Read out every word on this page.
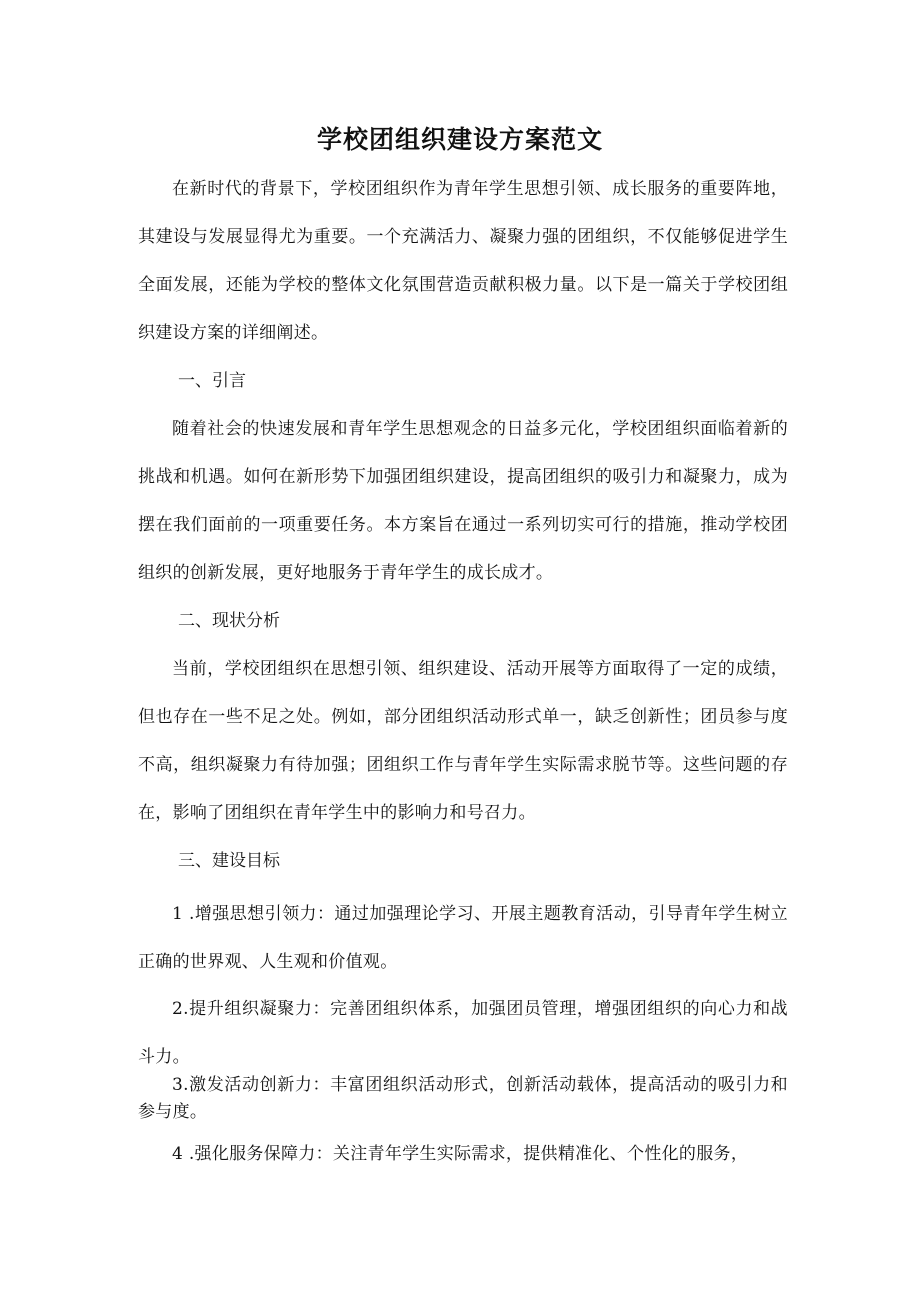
学校团组织建设方案范文

在新时代的背景下，学校团组织作为青年学生思想引领、成长服务的重要阵地，其建设与发展显得尤为重要。一个充满活力、凝聚力强的团组织，不仅能够促进学生全面发展，还能为学校的整体文化氛围营造贡献积极力量。以下是一篇关于学校团组织建设方案的详细阐述。

一、引言

随着社会的快速发展和青年学生思想观念的日益多元化，学校团组织面临着新的挑战和机遇。如何在新形势下加强团组织建设，提高团组织的吸引力和凝聚力，成为摆在我们面前的一项重要任务。本方案旨在通过一系列切实可行的措施，推动学校团组织的创新发展，更好地服务于青年学生的成长成才。

二、现状分析

当前，学校团组织在思想引领、组织建设、活动开展等方面取得了一定的成绩，但也存在一些不足之处。例如，部分团组织活动形式单一，缺乏创新性；团员参与度不高，组织凝聚力有待加强；团组织工作与青年学生实际需求脱节等。这些问题的存在，影响了团组织在青年学生中的影响力和号召力。

三、建设目标

1 .增强思想引领力：通过加强理论学习、开展主题教育活动，引导青年学生树立正确的世界观、人生观和价值观。

2.提升组织凝聚力：完善团组织体系，加强团员管理，增强团组织的向心力和战斗力。

3.激发活动创新力：丰富团组织活动形式，创新活动载体，提高活动的吸引力和参与度。

4 .强化服务保障力：关注青年学生实际需求，提供精准化、个性化的服务，
